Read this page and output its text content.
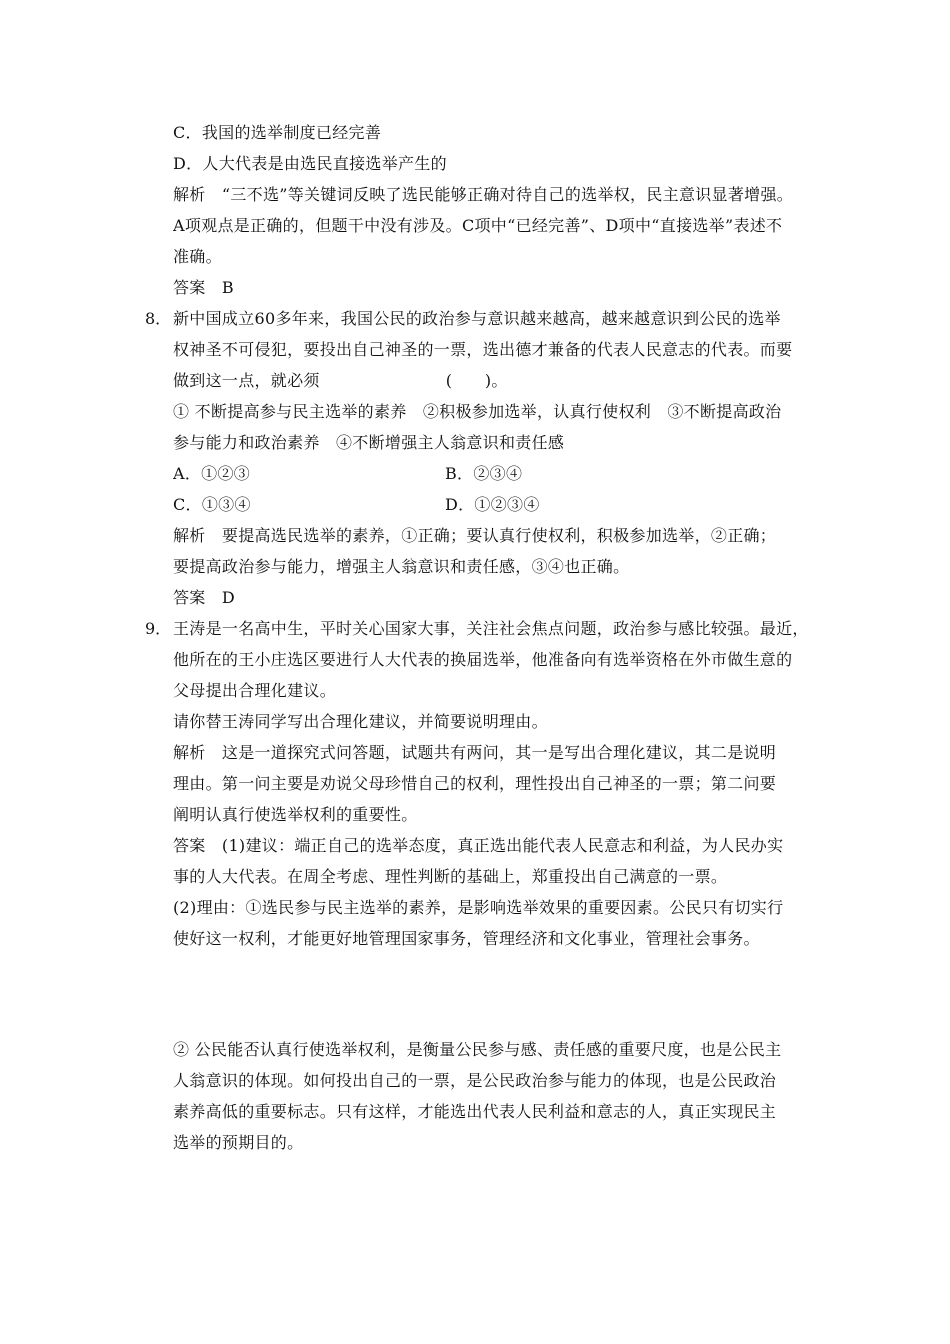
C．我国的选举制度已经完善
D．人大代表是由选民直接选举产生的
解析　“三不选”等关键词反映了选民能够正确对待自己的选举权，民主意识显著增强。
A项观点是正确的，但题干中没有涉及。C项中“已经完善”、D项中“直接选举”表述不
准确。
答案　B
8． 新中国成立60多年来，我国公民的政治参与意识越来越高，越来越意识到公民的选举
权神圣不可侵犯，要投出自己神圣的一票，选出德才兼备的代表人民意志的代表。而要
做到这一点，就必须	(　　)。
① 不断提高参与民主选举的素养　②积极参加选举，认真行使权利　③不断提高政治
参与能力和政治素养　④不断增强主人翁意识和责任感
A．①②③	B．②③④
C．①③④	D．①②③④
解析　要提高选民选举的素养，①正确；要认真行使权利，积极参加选举，②正确；
要提高政治参与能力，增强主人翁意识和责任感，③④也正确。
答案　D
9． 王涛是一名高中生，平时关心国家大事，关注社会焦点问题，政治参与感比较强。最近，
他所在的王小庄选区要进行人大代表的换届选举，他准备向有选举资格在外市做生意的
父母提出合理化建议。
请你替王涛同学写出合理化建议，并简要说明理由。
解析　这是一道探究式问答题，试题共有两问，其一是写出合理化建议，其二是说明
理由。第一问主要是劝说父母珍惜自己的权利，理性投出自己神圣的一票；第二问要
阐明认真行使选举权利的重要性。
答案　(1)建议：端正自己的选举态度，真正选出能代表人民意志和利益，为人民办实
事的人大代表。在周全考虑、理性判断的基础上，郑重投出自己满意的一票。
(2)理由：①选民参与民主选举的素养，是影响选举效果的重要因素。公民只有切实行
使好这一权利，才能更好地管理国家事务，管理经济和文化事业，管理社会事务。
② 公民能否认真行使选举权利，是衡量公民参与感、责任感的重要尺度，也是公民主
人翁意识的体现。如何投出自己的一票，是公民政治参与能力的体现，也是公民政治
素养高低的重要标志。只有这样，才能选出代表人民利益和意志的人，真正实现民主
选举的预期目的。
